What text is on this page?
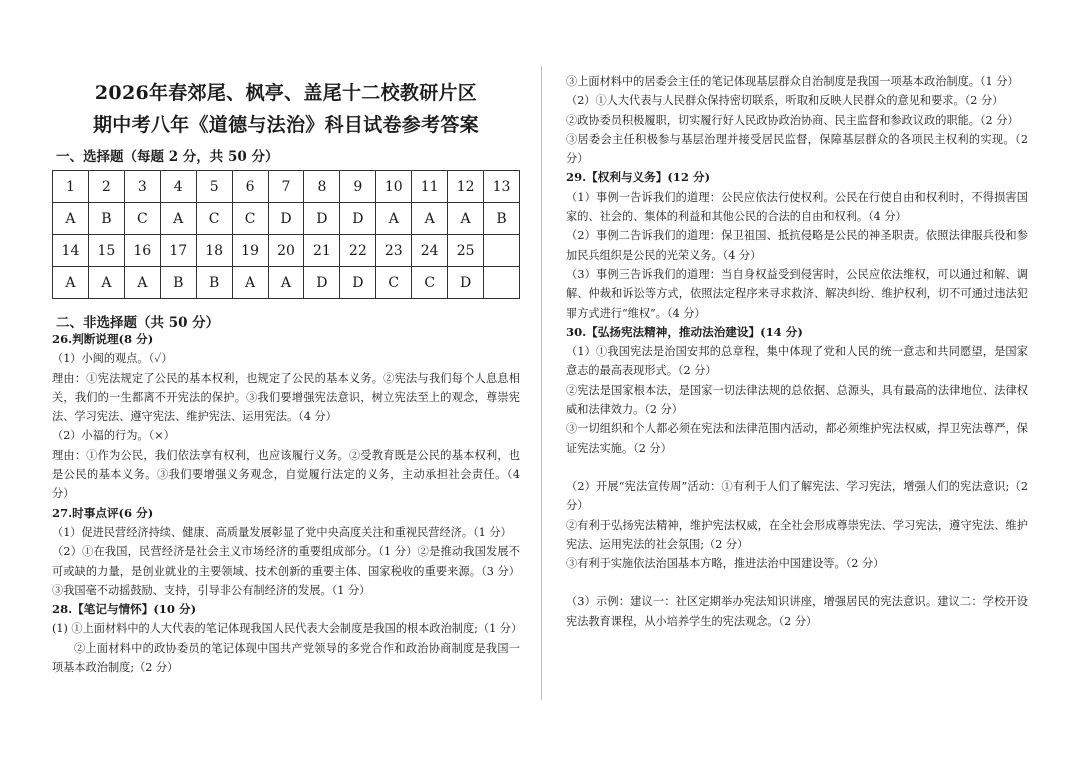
2026年春郊尾、枫亭、盖尾十二校教研片区
期中考八年《道德与法治》科目试卷参考答案
一、选择题（每题 2 分，共 50 分）
1	2	3	4	5	6	7	8	9	10	11	12	13
A	B	C	A	C	C	D	D	D	A	A	A	B
14	15	16	17	18	19	20	21	22	23	24	25	
A	A	A	B	B	A	A	D	D	C	C	D	
二、非选择题（共 50 分）

26.判断说理(8 分)

（1）小闽的观点。（✓）

理由：①宪法规定了公民的基本权利，也规定了公民的基本义务。②宪法与我们每个人息息相关，我们的一生都离不开宪法的保护。③我们要增强宪法意识，树立宪法至上的观念，尊崇宪法、学习宪法、遵守宪法、维护宪法、运用宪法。（4 分）

（2）小福的行为。（×）

理由：①作为公民，我们依法享有权利，也应该履行义务。②受教育既是公民的基本权利，也是公民的基本义务。③我们要增强义务观念，自觉履行法定的义务，主动承担社会责任。（4 分）

27.时事点评(6 分)

（1）促进民营经济持续、健康、高质量发展彰显了党中央高度关注和重视民营经济。（1 分）

（2）①在我国，民营经济是社会主义市场经济的重要组成部分。（1 分）②是推动我国发展不可或缺的力量，是创业就业的主要领域、技术创新的重要主体、国家税收的重要来源。（3 分）③我国毫不动摇鼓励、支持，引导非公有制经济的发展。（1 分）

28.【笔记与情怀】(10 分)

(1) ①上面材料中的人大代表的笔记体现我国人民代表大会制度是我国的根本政治制度;（1 分）

②上面材料中的政协委员的笔记体现中国共产党领导的多党合作和政治协商制度是我国一项基本政治制度;（2 分）

③上面材料中的居委会主任的笔记体现基层群众自治制度是我国一项基本政治制度。（1 分）

（2）①人大代表与人民群众保持密切联系，听取和反映人民群众的意见和要求。（2 分）

②政协委员积极履职，切实履行好人民政协政治协商、民主监督和参政议政的职能。（2 分）

③居委会主任积极参与基层治理并接受居民监督，保障基层群众的各项民主权利的实现。（2 分）

29.【权利与义务】(12 分)

（1）事例一告诉我们的道理：公民应依法行使权利。公民在行使自由和权利时，不得损害国家的、社会的、集体的利益和其他公民的合法的自由和权利。（4 分）

（2）事例二告诉我们的道理：保卫祖国、抵抗侵略是公民的神圣职责。依照法律服兵役和参加民兵组织是公民的光荣义务。（4 分）

（3）事例三告诉我们的道理：当自身权益受到侵害时，公民应依法维权，可以通过和解、调解、仲裁和诉讼等方式，依照法定程序来寻求救济、解决纠纷、维护权利，切不可通过违法犯罪方式进行“维权”。（4 分）

30.【弘扬宪法精神，推动法治建设】(14 分)

（1）①我国宪法是治国安邦的总章程，集中体现了党和人民的统一意志和共同愿望，是国家意志的最高表现形式。（2 分）

②宪法是国家根本法，是国家一切法律法规的总依据、总源头，具有最高的法律地位、法律权威和法律效力。（2 分）

③一切组织和个人都必须在宪法和法律范围内活动，都必须维护宪法权威，捍卫宪法尊严，保证宪法实施。（2 分）

（2）开展“宪法宣传周”活动：①有利于人们了解宪法、学习宪法，增强人们的宪法意识;（2 分）

②有利于弘扬宪法精神，维护宪法权威，在全社会形成尊崇宪法、学习宪法，遵守宪法、维护宪法、运用宪法的社会氛围;（2 分）

③有利于实施依法治国基本方略，推进法治中国建设等。（2 分）

（3）示例：建议一：社区定期举办宪法知识讲座，增强居民的宪法意识。建议二：学校开设宪法教育课程，从小培养学生的宪法观念。（2 分）
